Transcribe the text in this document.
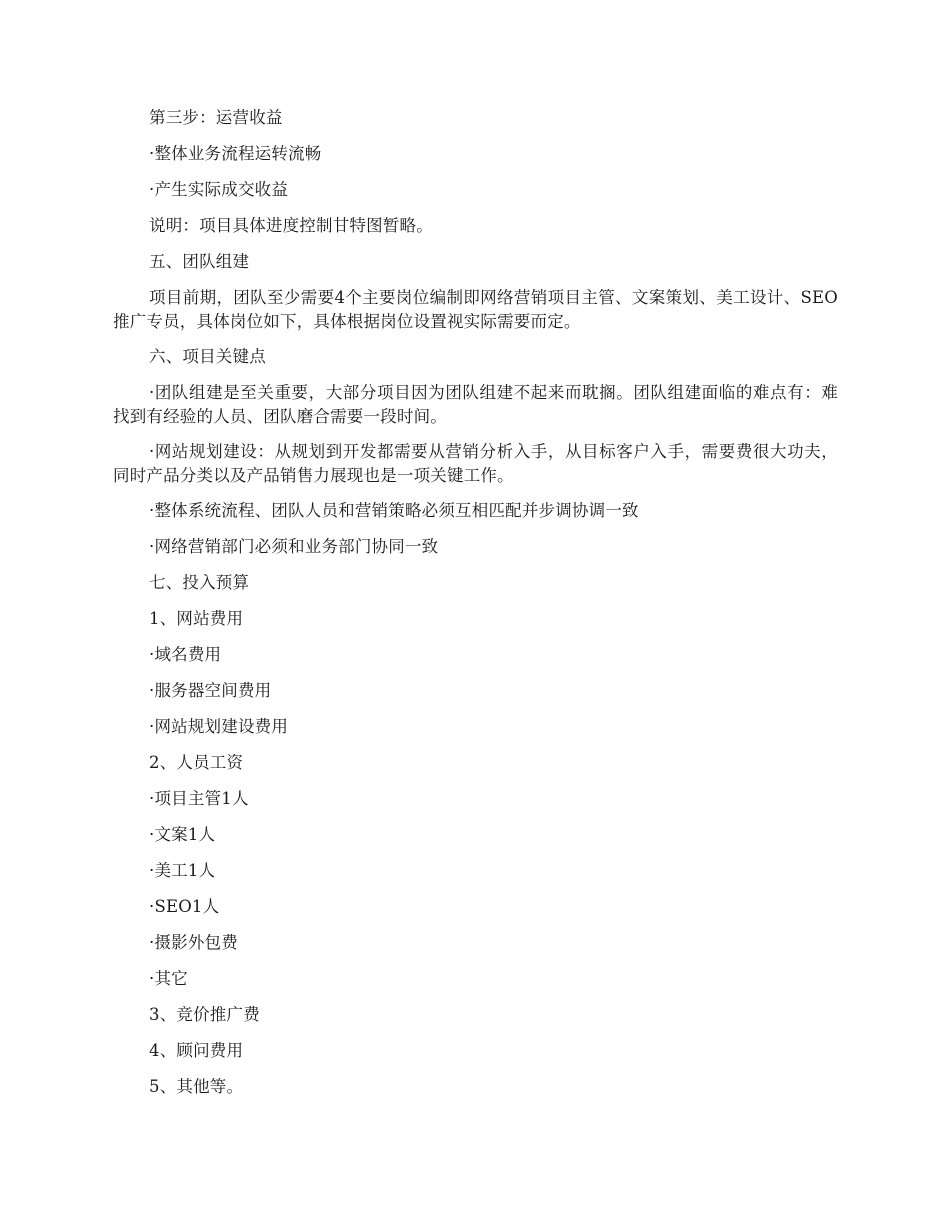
第三步：运营收益

·整体业务流程运转流畅

·产生实际成交收益

说明：项目具体进度控制甘特图暂略。

五、团队组建

项目前期，团队至少需要4个主要岗位编制即网络营销项目主管、文案策划、美工设计、SEO推广专员，具体岗位如下，具体根据岗位设置视实际需要而定。

六、项目关键点

·团队组建是至关重要，大部分项目因为团队组建不起来而耽搁。团队组建面临的难点有：难找到有经验的人员、团队磨合需要一段时间。

·网站规划建设：从规划到开发都需要从营销分析入手，从目标客户入手，需要费很大功夫，同时产品分类以及产品销售力展现也是一项关键工作。

·整体系统流程、团队人员和营销策略必须互相匹配并步调协调一致

·网络营销部门必须和业务部门协同一致

七、投入预算

1、网站费用

·域名费用

·服务器空间费用

·网站规划建设费用

2、人员工资

·项目主管1人

·文案1人

·美工1人

·SEO1人

·摄影外包费

·其它

3、竞价推广费

4、顾问费用

5、其他等。
